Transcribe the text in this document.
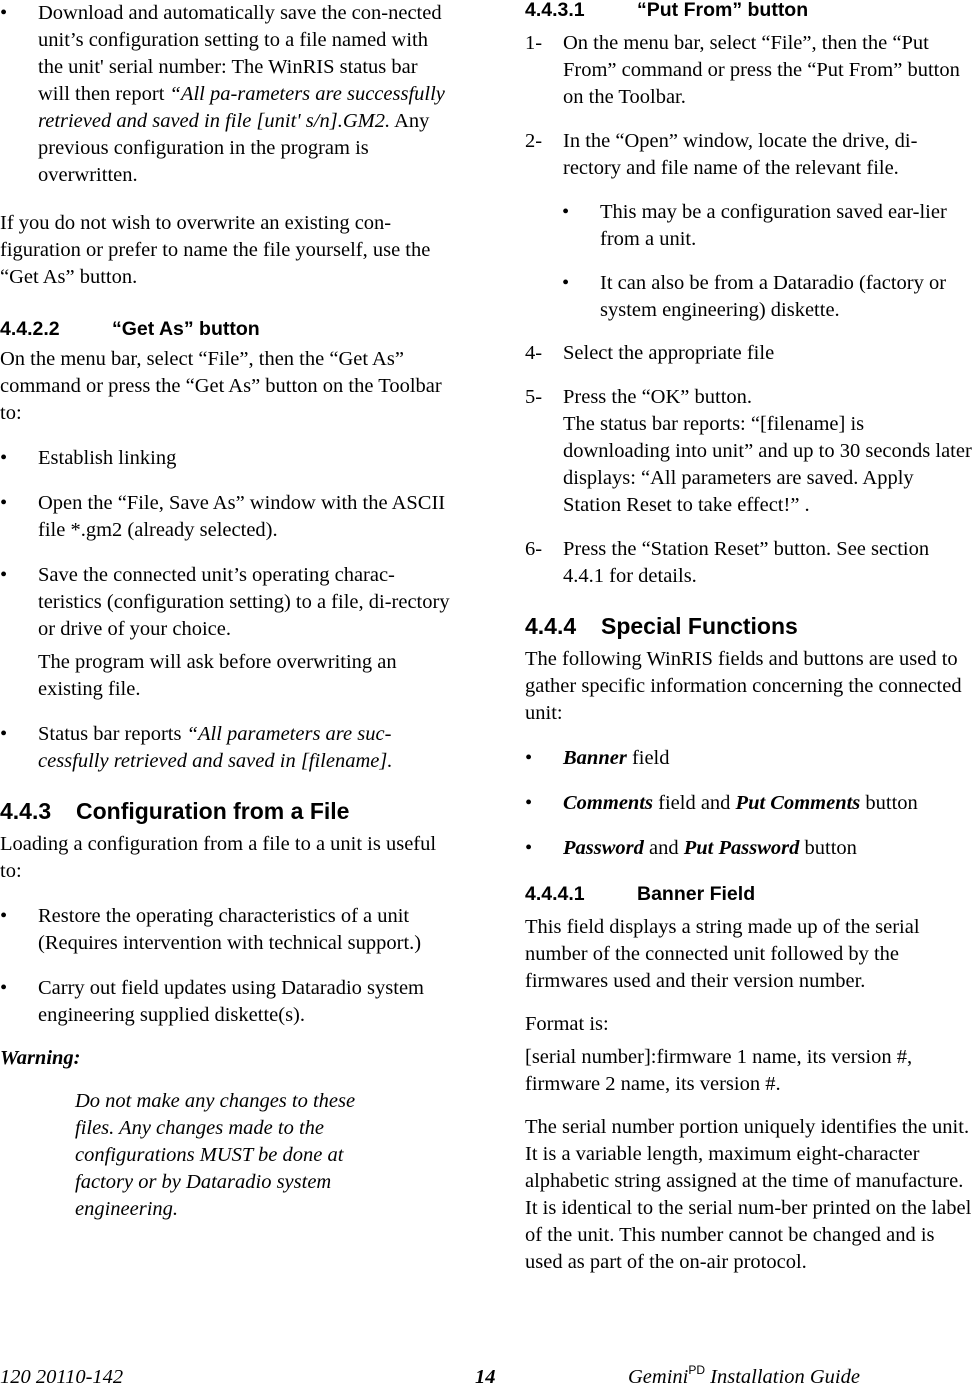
• Download and automatically save the con-nected unit’s configuration setting to a file named with the unit' serial number: The WinRIS status bar will then report “All pa-rameters are successfully retrieved and saved in file [unit' s/n].GM2. Any previous configuration in the program is overwritten.

If you do not wish to overwrite an existing con-figuration or prefer to name the file yourself, use the “Get As” button.

4.4.2.2	“Get As” button

On the menu bar, select “File”, then the “Get As” command or press the “Get As” button on the Toolbar to:

• Establish linking

• Open the “File, Save As” window with the ASCII file *.gm2 (already selected).

• Save the connected unit’s operating charac-teristics (configuration setting) to a file, di-rectory or drive of your choice.

The program will ask before overwriting an existing file.

• Status bar reports “All parameters are suc-cessfully retrieved and saved in [filename].

4.4.3 Configuration from a File

Loading a configuration from a file to a unit is useful to:

• Restore the operating characteristics of a unit (Requires intervention with technical support.)

• Carry out field updates using Dataradio system engineering supplied diskette(s).

Warning:

Do not make any changes to these files. Any changes made to the configurations MUST be done at factory or by Dataradio system engineering.

4.4.3.1	“Put From” button

1- On the menu bar, select “File”, then the “Put From” command or press the “Put From” button on the Toolbar.

2- In the “Open” window, locate the drive, di-rectory and file name of the relevant file.

• This may be a configuration saved ear-lier from a unit.

• It can also be from a Dataradio (factory or system engineering) diskette.

4- Select the appropriate file

5- Press the “OK” button.

The status bar reports: “[filename] is downloading into unit” and up to 30 seconds later displays: “All parameters are saved. Apply Station Reset to take effect!” .

6- Press the “Station Reset” button. See section 4.4.1 for details.

4.4.4 Special Functions

The following WinRIS fields and buttons are used to gather specific information concerning the connected unit:

• Banner field

• Comments field and Put Comments button

• Password and Put Password button

4.4.4.1	Banner Field

This field displays a string made up of the serial number of the connected unit followed by the firmwares used and their version number.

Format is:

[serial number]:firmware 1 name, its version #, firmware 2 name, its version #.

The serial number portion uniquely identifies the unit. It is a variable length, maximum eight-character alphabetic string assigned at the time of manufacture. It is identical to the serial num-ber printed on the label of the unit. This number cannot be changed and is used as part of the on-air protocol.

120 20110-142	14	Gemini$^{PD}$ Installation Guide
